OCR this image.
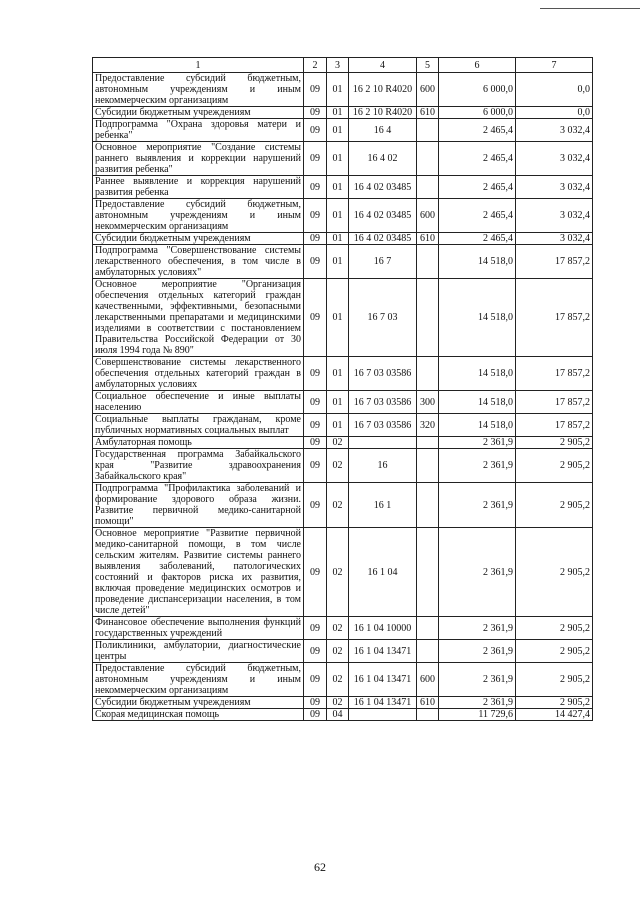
1	2	3	4	5	6	7
Предоставление субсидий бюджетным, автономным учреждениям и иным некоммерческим организациям	09	01	16 2 10 R4020	600	6 000,0	0,0
Субсидии бюджетным учреждениям	09	01	16 2 10 R4020	610	6 000,0	0,0
Подпрограмма "Охрана здоровья матери и ребенка"	09	01	16 4		2 465,4	3 032,4
Основное мероприятие "Создание системы раннего выявления и коррекции нарушений развития ребенка"	09	01	16 4 02		2 465,4	3 032,4
Раннее выявление и коррекция нарушений развития ребенка	09	01	16 4 02 03485		2 465,4	3 032,4
Предоставление субсидий бюджетным, автономным учреждениям и иным некоммерческим организациям	09	01	16 4 02 03485	600	2 465,4	3 032,4
Субсидии бюджетным учреждениям	09	01	16 4 02 03485	610	2 465,4	3 032,4
Подпрограмма "Совершенствование системы лекарственного обеспечения, в том числе в амбулаторных условиях"	09	01	16 7		14 518,0	17 857,2
Основное мероприятие "Организация обеспечения отдельных категорий граждан качественными, эффективными, безопасными лекарственными препаратами и медицинскими изделиями в соответствии с постановлением Правительства Российской Федерации от 30 июля 1994 года № 890"	09	01	16 7 03		14 518,0	17 857,2
Совершенствование системы лекарственного обеспечения отдельных категорий граждан в амбулаторных условиях	09	01	16 7 03 03586		14 518,0	17 857,2
Социальное обеспечение и иные выплаты населению	09	01	16 7 03 03586	300	14 518,0	17 857,2
Социальные выплаты гражданам, кроме публичных нормативных социальных выплат	09	01	16 7 03 03586	320	14 518,0	17 857,2
Амбулаторная помощь	09	02			2 361,9	2 905,2
Государственная программа Забайкальского края "Развитие здравоохранения Забайкальского края"	09	02	16		2 361,9	2 905,2
Подпрограмма "Профилактика заболеваний и формирование здорового образа жизни. Развитие первичной медико-санитарной помощи"	09	02	16 1		2 361,9	2 905,2
Основное мероприятие "Развитие первичной медико-санитарной помощи, в том числе сельским жителям. Развитие системы раннего выявления заболеваний, патологических состояний и факторов риска их развития, включая проведение медицинских осмотров и проведение диспансеризации населения, в том числе детей"	09	02	16 1 04		2 361,9	2 905,2
Финансовое обеспечение выполнения функций государственных учреждений	09	02	16 1 04 10000		2 361,9	2 905,2
Поликлиники, амбулатории, диагностические центры	09	02	16 1 04 13471		2 361,9	2 905,2
Предоставление субсидий бюджетным, автономным учреждениям и иным некоммерческим организациям	09	02	16 1 04 13471	600	2 361,9	2 905,2
Субсидии бюджетным учреждениям	09	02	16 1 04 13471	610	2 361,9	2 905,2
Скорая медицинская помощь	09	04			11 729,6	14 427,4
62
